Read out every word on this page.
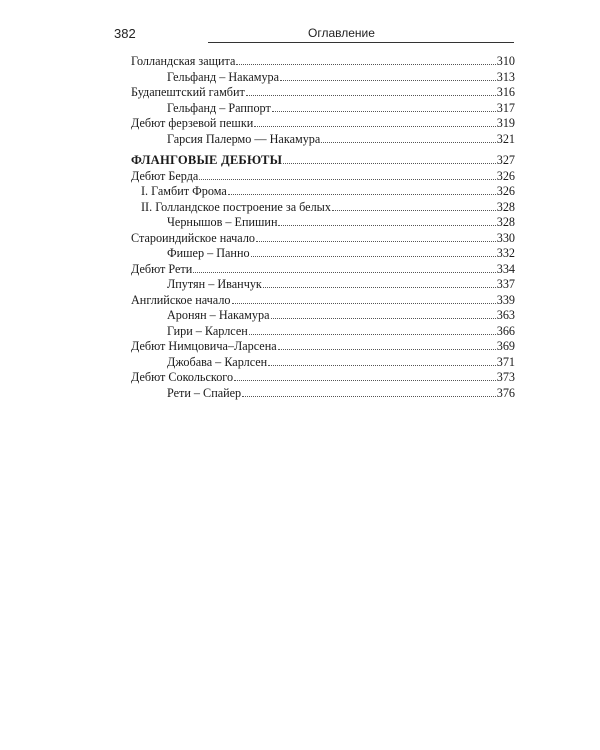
382	Оглавление
Голландская защита	310
Гельфанд – Накамура	313
Будапештский гамбит	316
Гельфанд – Раппорт	317
Дебют ферзевой пешки	319
Гарсия Палермо — Накамура	321
ФЛАНГОВЫЕ ДЕБЮТЫ	327
Дебют Берда	326
I. Гамбит Фрома	326
II. Голландское построение за белых	328
Чернышов – Епишин	328
Староиндийское начало	330
Фишер – Панно	332
Дебют Рети	334
Лпутян – Иванчук	337
Английское начало	339
Аронян – Накамура	363
Гири – Карлсен	366
Дебют Нимцовича–Ларсена	369
Джобава – Карлсен	371
Дебют Сокольского	373
Рети – Спайер	376
